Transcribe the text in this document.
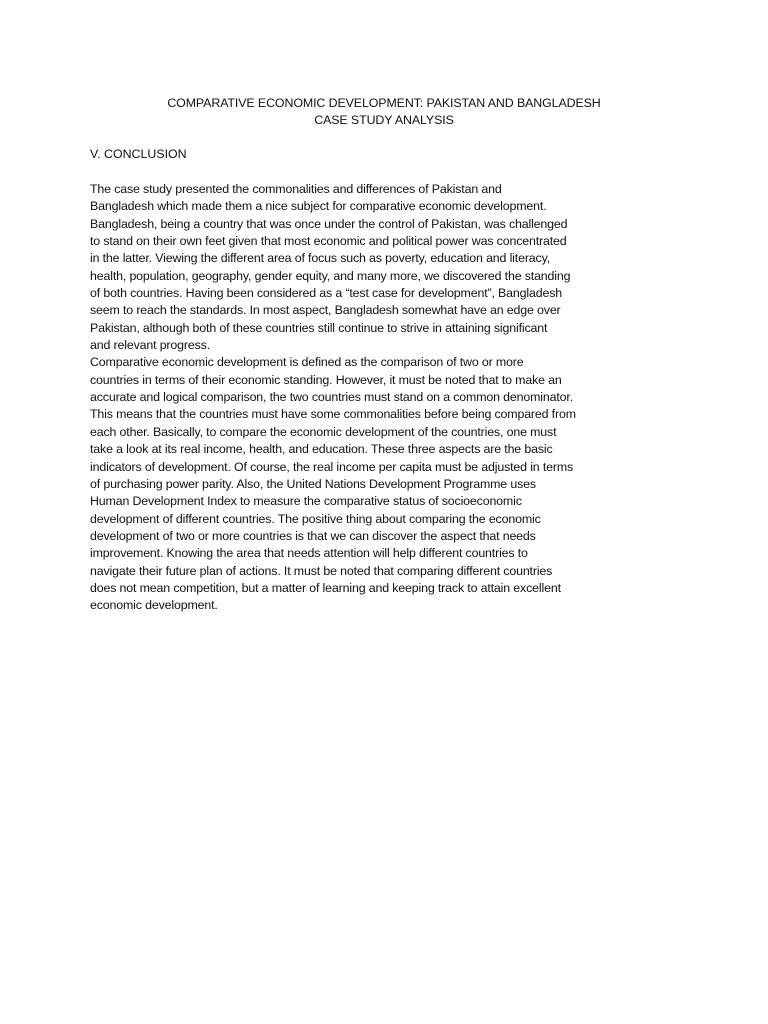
COMPARATIVE ECONOMIC DEVELOPMENT: PAKISTAN AND BANGLADESH
CASE STUDY ANALYSIS
V. CONCLUSION
The case study presented the commonalities and differences of Pakistan and
Bangladesh which made them a nice subject for comparative economic development.
Bangladesh, being a country that was once under the control of Pakistan, was challenged
to stand on their own feet given that most economic and political power was concentrated
in the latter. Viewing the different area of focus such as poverty, education and literacy,
health, population, geography, gender equity, and many more, we discovered the standing
of both countries. Having been considered as a “test case for development”, Bangladesh
seem to reach the standards. In most aspect, Bangladesh somewhat have an edge over
Pakistan, although both of these countries still continue to strive in attaining significant
and relevant progress.
Comparative economic development is defined as the comparison of two or more
countries in terms of their economic standing. However, it must be noted that to make an
accurate and logical comparison, the two countries must stand on a common denominator.
This means that the countries must have some commonalities before being compared from
each other. Basically, to compare the economic development of the countries, one must
take a look at its real income, health, and education. These three aspects are the basic
indicators of development. Of course, the real income per capita must be adjusted in terms
of purchasing power parity. Also, the United Nations Development Programme uses
Human Development Index to measure the comparative status of socioeconomic
development of different countries. The positive thing about comparing the economic
development of two or more countries is that we can discover the aspect that needs
improvement. Knowing the area that needs attention will help different countries to
navigate their future plan of actions. It must be noted that comparing different countries
does not mean competition, but a matter of learning and keeping track to attain excellent
economic development.
